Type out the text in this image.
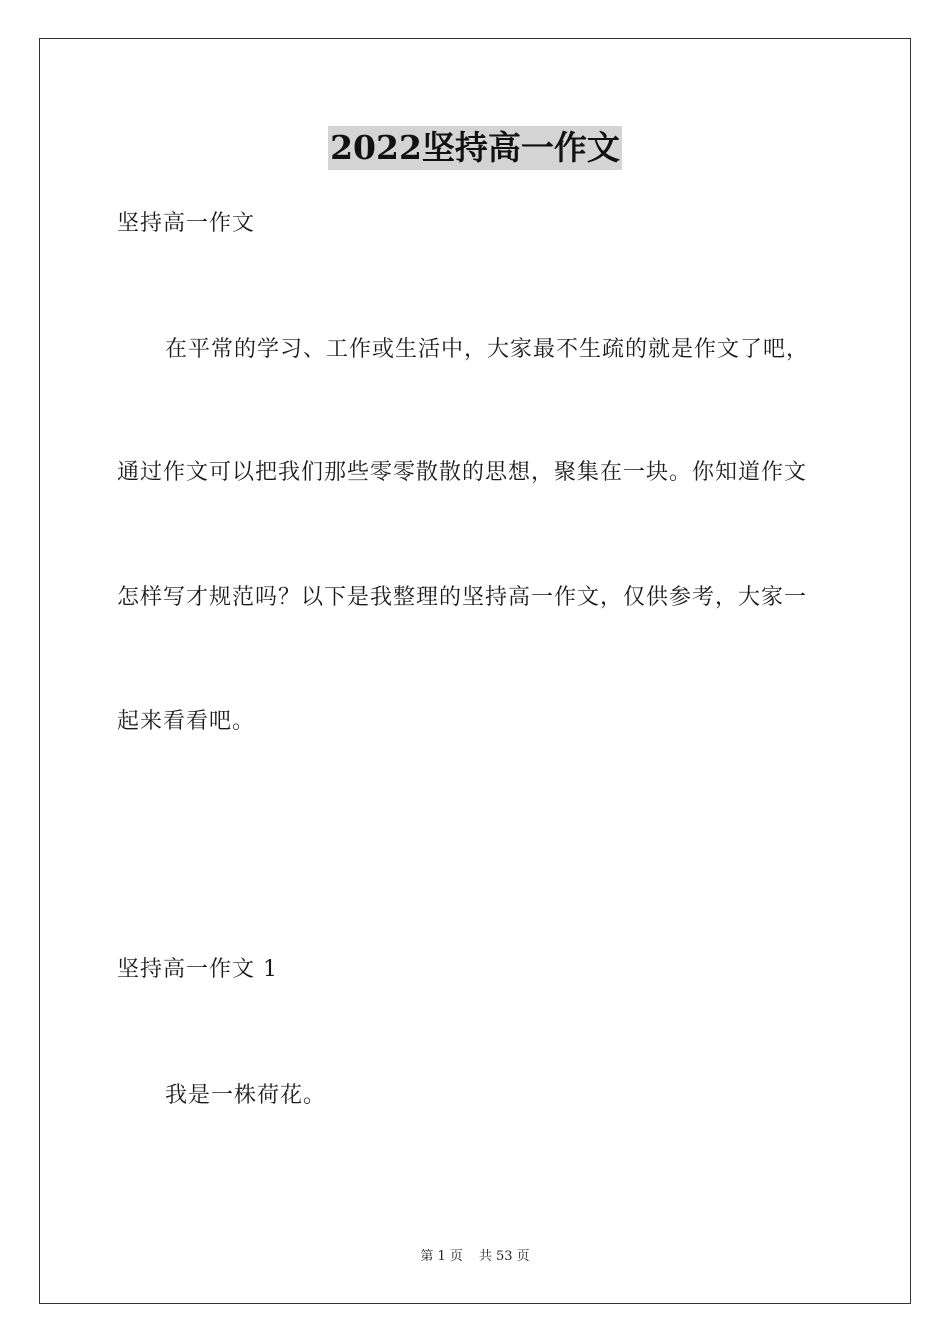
2022坚持高一作文
坚持高一作文
在平常的学习、工作或生活中，大家最不生疏的就是作文了吧，
通过作文可以把我们那些零零散散的思想，聚集在一块。你知道作文
怎样写才规范吗？以下是我整理的坚持高一作文，仅供参考，大家一
起来看看吧。
坚持高一作文 1
我是一株荷花。
第 1 页 共 53 页
